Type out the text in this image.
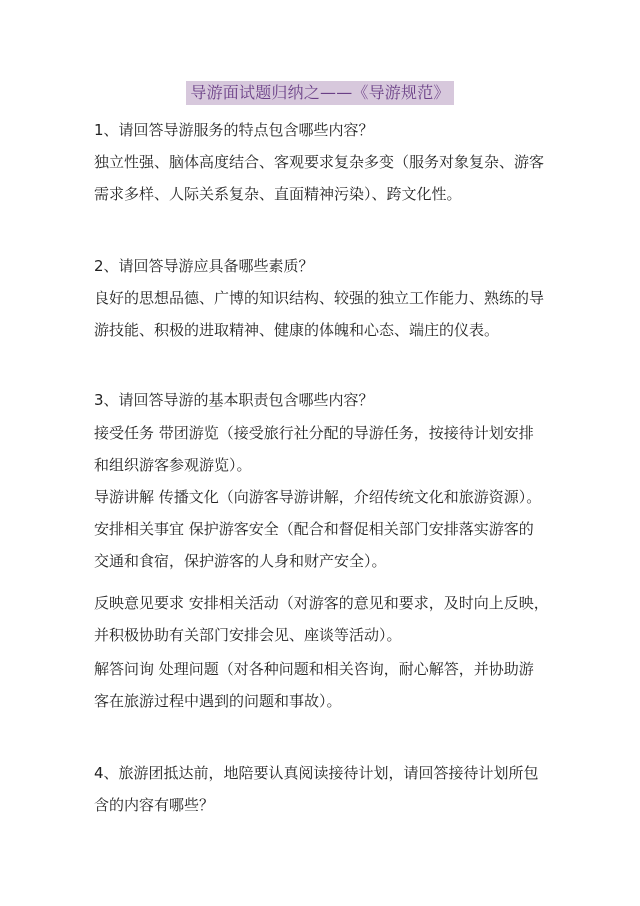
导游面试题归纳之——《导游规范》
1、请回答导游服务的特点包含哪些内容？
独立性强、脑体高度结合、客观要求复杂多变（服务对象复杂、游客
需求多样、人际关系复杂、直面精神污染）、跨文化性。
2、请回答导游应具备哪些素质？
良好的思想品德、广博的知识结构、较强的独立工作能力、熟练的导
游技能、积极的进取精神、健康的体魄和心态、端庄的仪表。
3、请回答导游的基本职责包含哪些内容？
接受任务 带团游览（接受旅行社分配的导游任务，按接待计划安排
和组织游客参观游览）。
导游讲解 传播文化（向游客导游讲解，介绍传统文化和旅游资源）。
安排相关事宜 保护游客安全（配合和督促相关部门安排落实游客的
交通和食宿，保护游客的人身和财产安全）。
反映意见要求 安排相关活动（对游客的意见和要求，及时向上反映，
并积极协助有关部门安排会见、座谈等活动）。
解答问询 处理问题（对各种问题和相关咨询，耐心解答，并协助游
客在旅游过程中遇到的问题和事故）。
4、旅游团抵达前，地陪要认真阅读接待计划，请回答接待计划所包
含的内容有哪些？
